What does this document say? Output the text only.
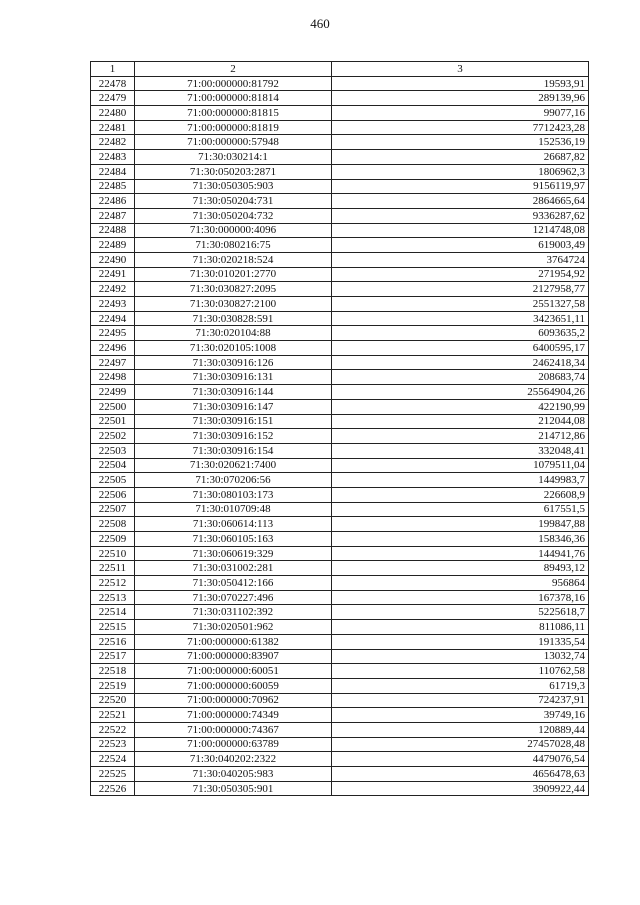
460
1	2	3
22478	71:00:000000:81792	19593,91
22479	71:00:000000:81814	289139,96
22480	71:00:000000:81815	99077,16
22481	71:00:000000:81819	7712423,28
22482	71:00:000000:57948	152536,19
22483	71:30:030214:1	26687,82
22484	71:30:050203:2871	1806962,3
22485	71:30:050305:903	9156119,97
22486	71:30:050204:731	2864665,64
22487	71:30:050204:732	9336287,62
22488	71:30:000000:4096	1214748,08
22489	71:30:080216:75	619003,49
22490	71:30:020218:524	3764724
22491	71:30:010201:2770	271954,92
22492	71:30:030827:2095	2127958,77
22493	71:30:030827:2100	2551327,58
22494	71:30:030828:591	3423651,11
22495	71:30:020104:88	6093635,2
22496	71:30:020105:1008	6400595,17
22497	71:30:030916:126	2462418,34
22498	71:30:030916:131	208683,74
22499	71:30:030916:144	25564904,26
22500	71:30:030916:147	422190,99
22501	71:30:030916:151	212044,08
22502	71:30:030916:152	214712,86
22503	71:30:030916:154	332048,41
22504	71:30:020621:7400	1079511,04
22505	71:30:070206:56	1449983,7
22506	71:30:080103:173	226608,9
22507	71:30:010709:48	617551,5
22508	71:30:060614:113	199847,88
22509	71:30:060105:163	158346,36
22510	71:30:060619:329	144941,76
22511	71:30:031002:281	89493,12
22512	71:30:050412:166	956864
22513	71:30:070227:496	167378,16
22514	71:30:031102:392	5225618,7
22515	71:30:020501:962	811086,11
22516	71:00:000000:61382	191335,54
22517	71:00:000000:83907	13032,74
22518	71:00:000000:60051	110762,58
22519	71:00:000000:60059	61719,3
22520	71:00:000000:70962	724237,91
22521	71:00:000000:74349	39749,16
22522	71:00:000000:74367	120889,44
22523	71:00:000000:63789	27457028,48
22524	71:30:040202:2322	4479076,54
22525	71:30:040205:983	4656478,63
22526	71:30:050305:901	3909922,44
